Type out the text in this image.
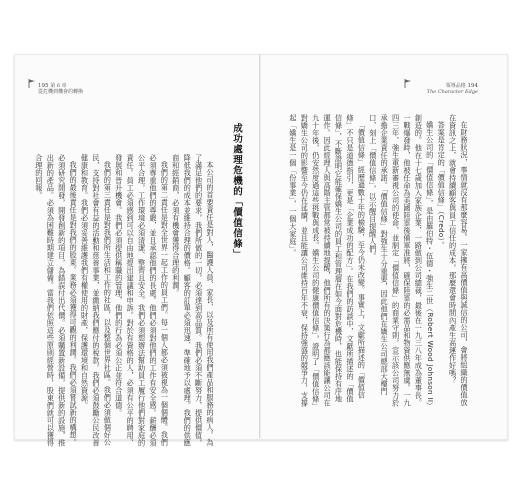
195 第 6 章
從危機到機會的轉換
領導品格 194
The Character Edge

在財務狀況，事情就沒有那麼容易。一家擁有高價值與誠信的公司，會將組織的價值放在資訊之上，就會持續顧客與員工信任的成本，那麼還會時間內產生高運作好嗎？

答案是肯定的「價值信條」（Credo）。

嬌生公司的「價值信條」，是由羅伯特・伍德・強生二世（Robert Wood Johnson II）創造的。他在十七歲加入家族企業，一路做到公司總裁，最後在一九三八年成為董事長。一戰爆發時，他被任命為美國陸軍後備軍准將，確保陸軍的必需品和物資供應無虞。一九四三年，強生重新審視公司的使命，並制定「價值信條」的商業守則，宣示該公司努力於承擔企業責任的承諾。「價值信條」對強生十分重要，因此他們在嬌生公司總部大樓門口，刻上「價值信條」，以示醒目提醒人們。

「價值信條」經歷過數十年的檢驗，至今仍未改變。事實上，文獻所描述的「價值信條」不只是道德指引，更是「企業成功的配方」。在我們的訪談中，文獻所描述的「價值信條」，不斷證明它能確保嬌生公司的員工和管理層在如今面對危機時，也能保持有序地運作。因此經理人與高階主管都常被持續地提醒，他們所有的決策行為都應該能讓公司在九十年後，仍安然度過這些挑戰與成長。嬌生公司的健康價值信條」，證明了「價值信條」對嬌生公司的影響至今仍在延續，並且能讓公司維持百年不衰，保持強盛的競爭力，支撐起「嬌生是一個「份事業」，一個大家庭」。

成功處理危機的「價值信條」

本公司的首要責任是對人，醫護人員、家長、以及所有使用我們產品和服務的病人。為了滿足他們的要求，我們所做的一切，必須達到高品質。我們必須不斷努力，提供價值，降低我們的成本並維持合理的價格。顧客的訂單必須迅速、準確地予以處理。我們的供應商和經銷商，必須有機會獲得合理的利潤。

我們的第二責任是對全世界一起工作的員工們。每一個人都必須被視為一個個體。我們必須尊重他們的尊嚴，並且承認他們的長處。他們必須對他們的工作有安全感。薪酬必須公平合理，工作環境必須清潔、整齊且安全。我們必須想辦法幫助員工履行他們對家庭的責任。員工必須感到可以自由地提出建議和申訴。對於有資格的人，必須有公平的聘用、發展和晉升機會。我們必須提供稱職的管理，他們的行為必須公正並符合道德。

我們的第三責任是對我們所生活和工作的社區，以及整個世界社區。我們必須做個好公民，支持對社會有益的活動和慈善事業，並繳納我們應付的稅款。我們必須鼓勵公民改善健康和教育。我們必須妥善維護我們有權使用的財產，保護環境和自然資源。

我們的最後責任是對我們的股東。業務必須獲得可觀的利潤。我們必須嘗試新的構想。必須研究開發，開發創新的項目，為錯誤付出代價。必須購置新設備，提供新的設施，推出新的產品。必須為困難時期建立儲備。當我們依照這些原則經營時，股東們就可以獲得合理的回報。
